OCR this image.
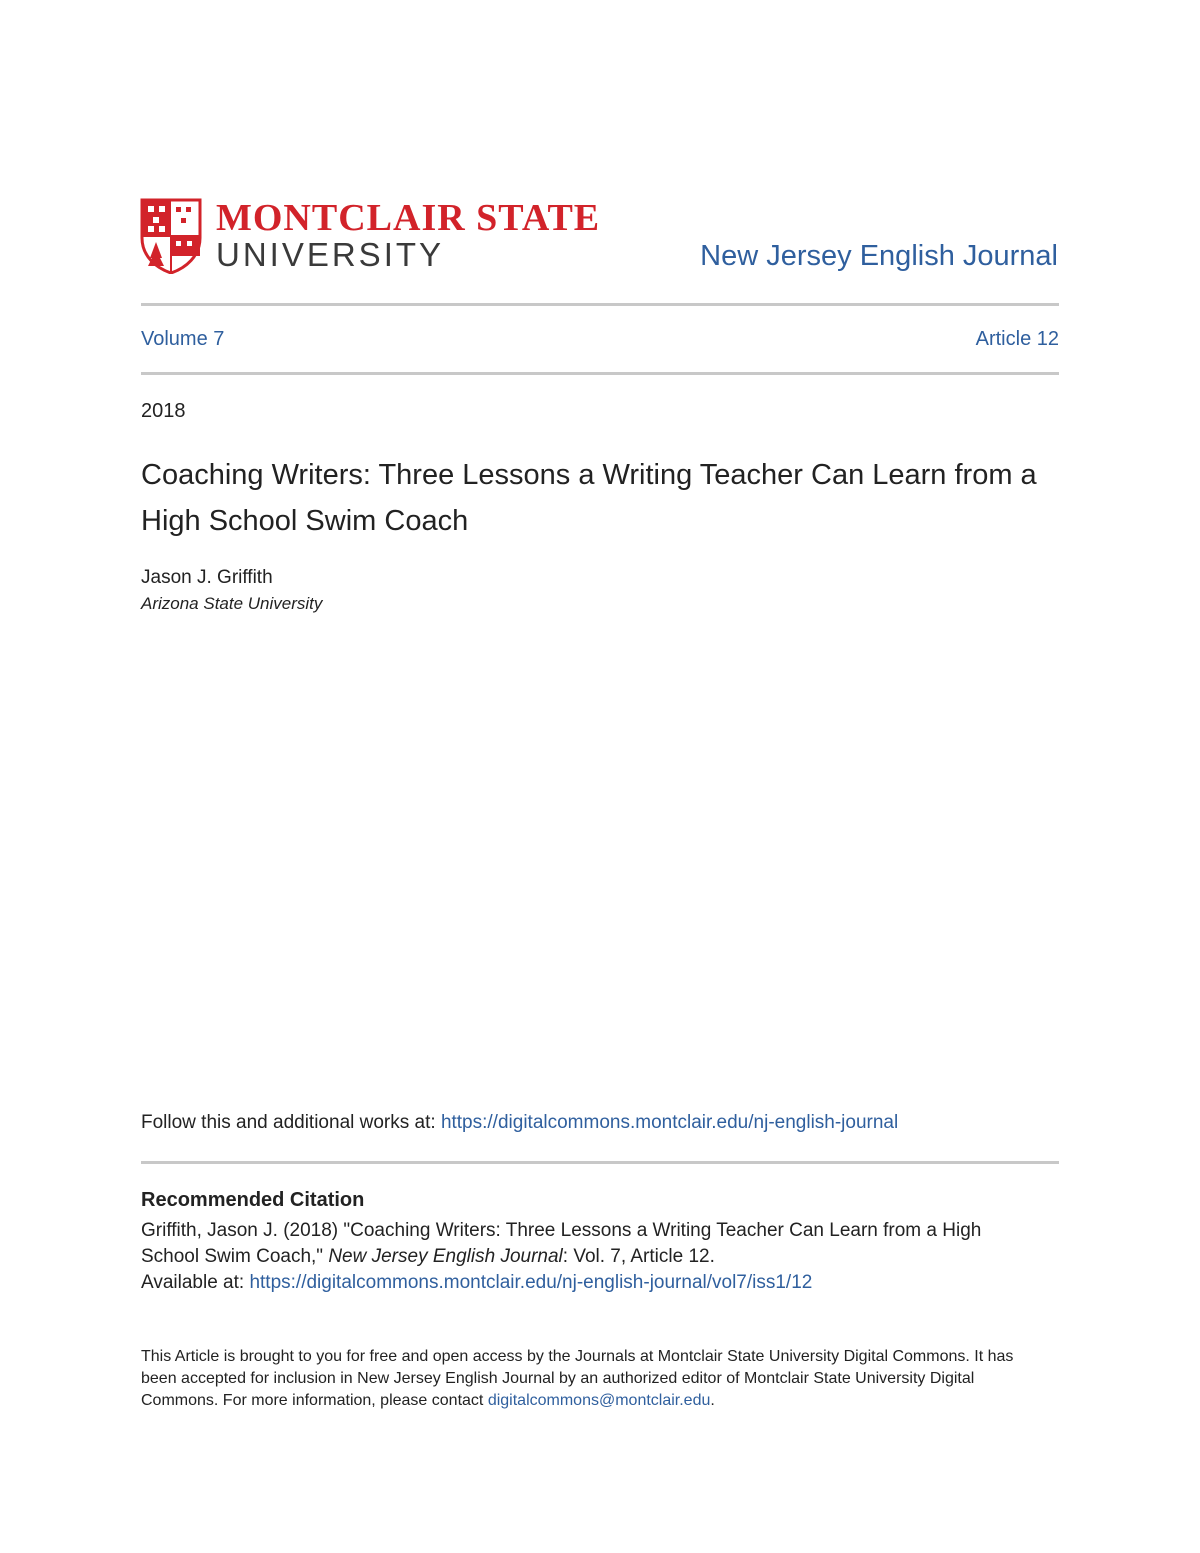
MONTCLAIR STATE
UNIVERSITY	New Jersey English Journal
Volume 7	Article 12
2018
Coaching Writers: Three Lessons a Writing Teacher Can Learn from a High School Swim Coach
Jason J. Griffith
Arizona State University
Follow this and additional works at: https://digitalcommons.montclair.edu/nj-english-journal
Recommended Citation
Griffith, Jason J. (2018) "Coaching Writers: Three Lessons a Writing Teacher Can Learn from a High School Swim Coach," New Jersey English Journal: Vol. 7, Article 12.
Available at: https://digitalcommons.montclair.edu/nj-english-journal/vol7/iss1/12
This Article is brought to you for free and open access by the Journals at Montclair State University Digital Commons. It has been accepted for inclusion in New Jersey English Journal by an authorized editor of Montclair State University Digital Commons. For more information, please contact digitalcommons@montclair.edu.
